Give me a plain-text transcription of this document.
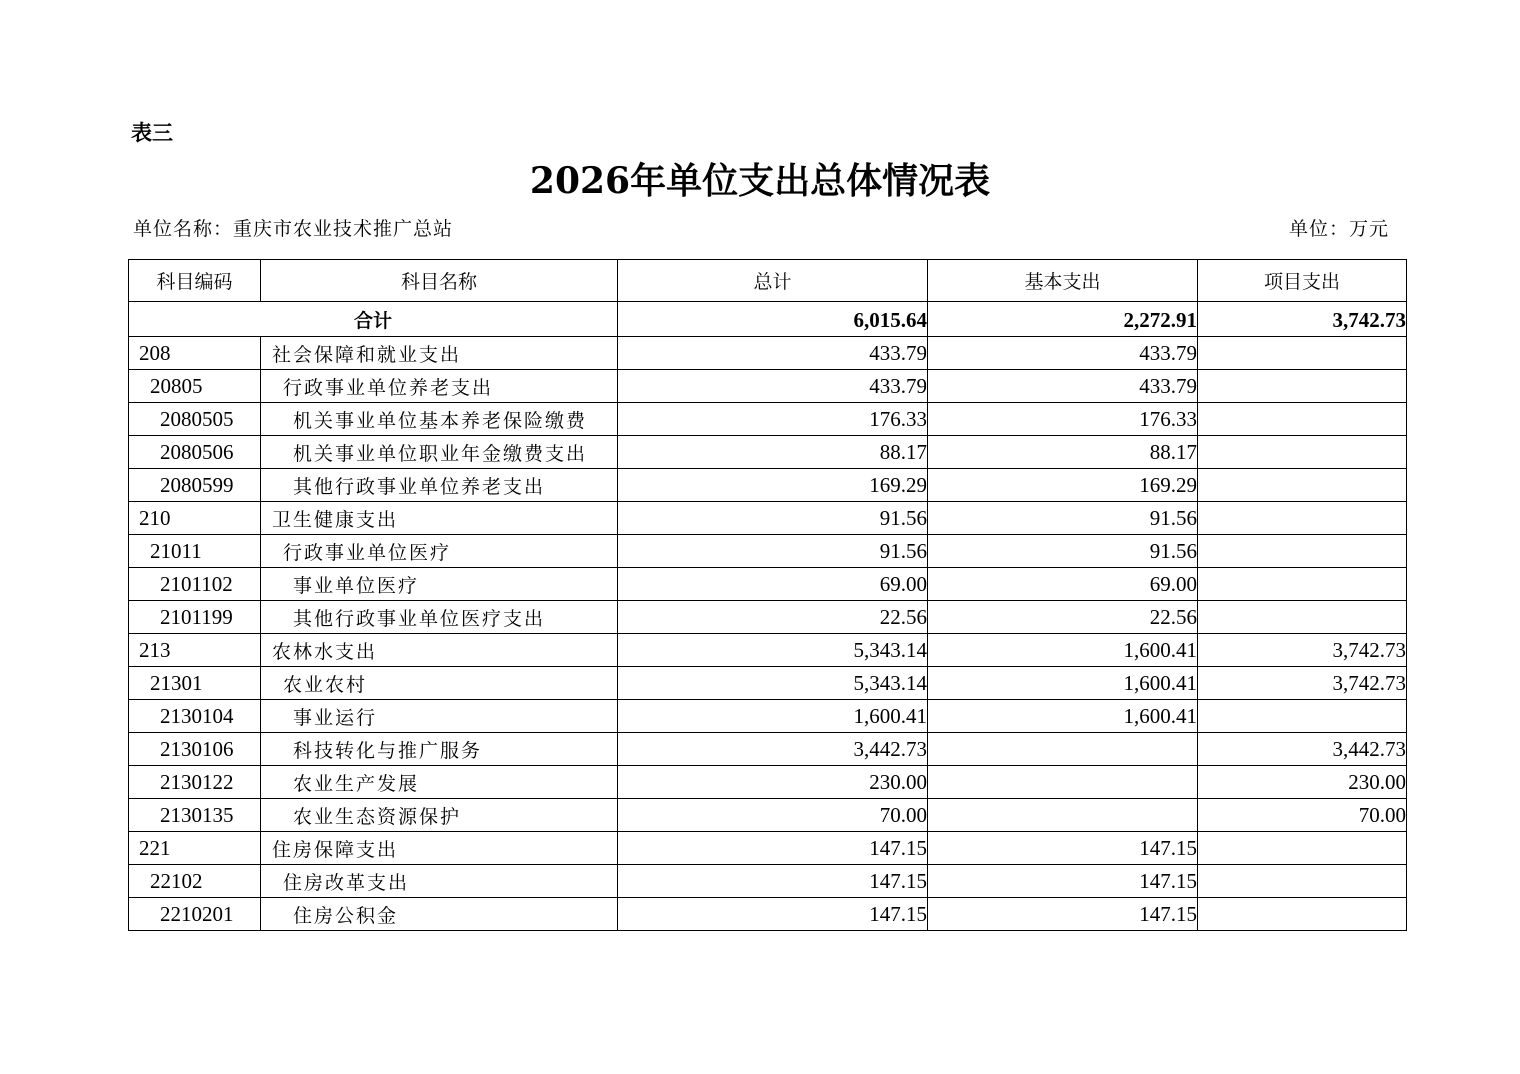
表三
2026年单位支出总体情况表
单位名称：重庆市农业技术推广总站	单位：万元
科目编码	科目名称	总计	基本支出	项目支出
合计		6,015.64	2,272.91	3,742.73
208	社会保障和就业支出	433.79	433.79	
20805	行政事业单位养老支出	433.79	433.79	
2080505	机关事业单位基本养老保险缴费	176.33	176.33	
2080506	机关事业单位职业年金缴费支出	88.17	88.17	
2080599	其他行政事业单位养老支出	169.29	169.29	
210	卫生健康支出	91.56	91.56	
21011	行政事业单位医疗	91.56	91.56	
2101102	事业单位医疗	69.00	69.00	
2101199	其他行政事业单位医疗支出	22.56	22.56	
213	农林水支出	5,343.14	1,600.41	3,742.73
21301	农业农村	5,343.14	1,600.41	3,742.73
2130104	事业运行	1,600.41	1,600.41	
2130106	科技转化与推广服务	3,442.73		3,442.73
2130122	农业生产发展	230.00		230.00
2130135	农业生态资源保护	70.00		70.00
221	住房保障支出	147.15	147.15	
22102	住房改革支出	147.15	147.15	
2210201	住房公积金	147.15	147.15	
